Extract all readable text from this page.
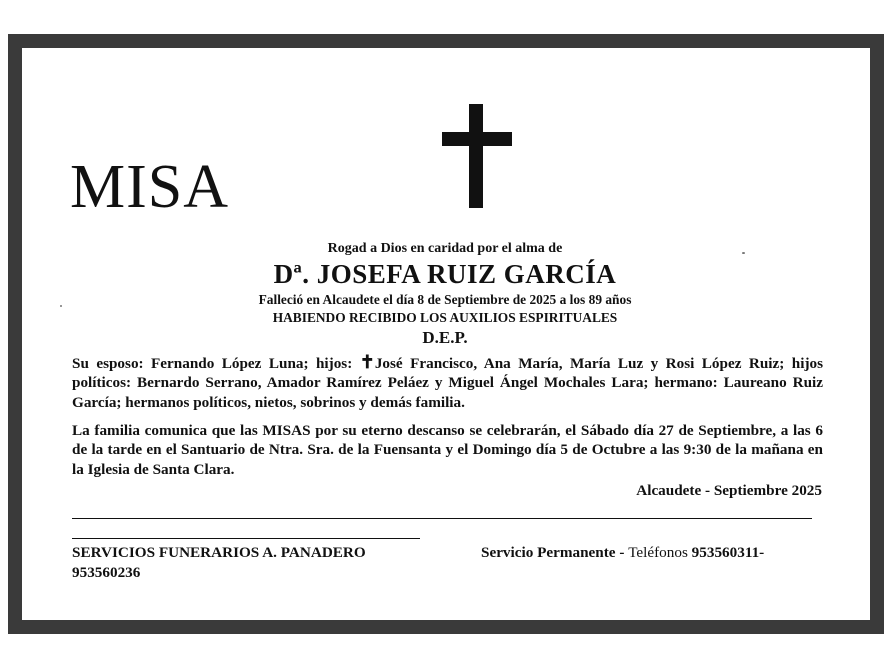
MISA
Rogad a Dios en caridad por el alma de
Dª. JOSEFA RUIZ GARCÍA
Falleció en Alcaudete el día 8 de Septiembre de 2025 a los 89 años
HABIENDO RECIBIDO LOS AUXILIOS ESPIRITUALES
D.E.P.

Su esposo: Fernando López Luna; hijos: ✝José Francisco, Ana María, María Luz y Rosi López Ruiz; hijos políticos: Bernardo Serrano, Amador Ramírez Peláez y Miguel Ángel Mochales Lara; hermano: Laureano Ruiz García; hermanos políticos, nietos, sobrinos y demás familia.

La familia comunica que las MISAS por su eterno descanso se celebrarán, el Sábado día 27 de Septiembre, a las 6 de la tarde en el Santuario de Ntra. Sra. de la Fuensanta y el Domingo día 5 de Octubre a las 9:30 de la mañana en la Iglesia de Santa Clara.

Alcaudete - Septiembre 2025
SERVICIOS FUNERARIOS A. PANADERO
953560236
Servicio Permanente - Teléfonos 953560311-
